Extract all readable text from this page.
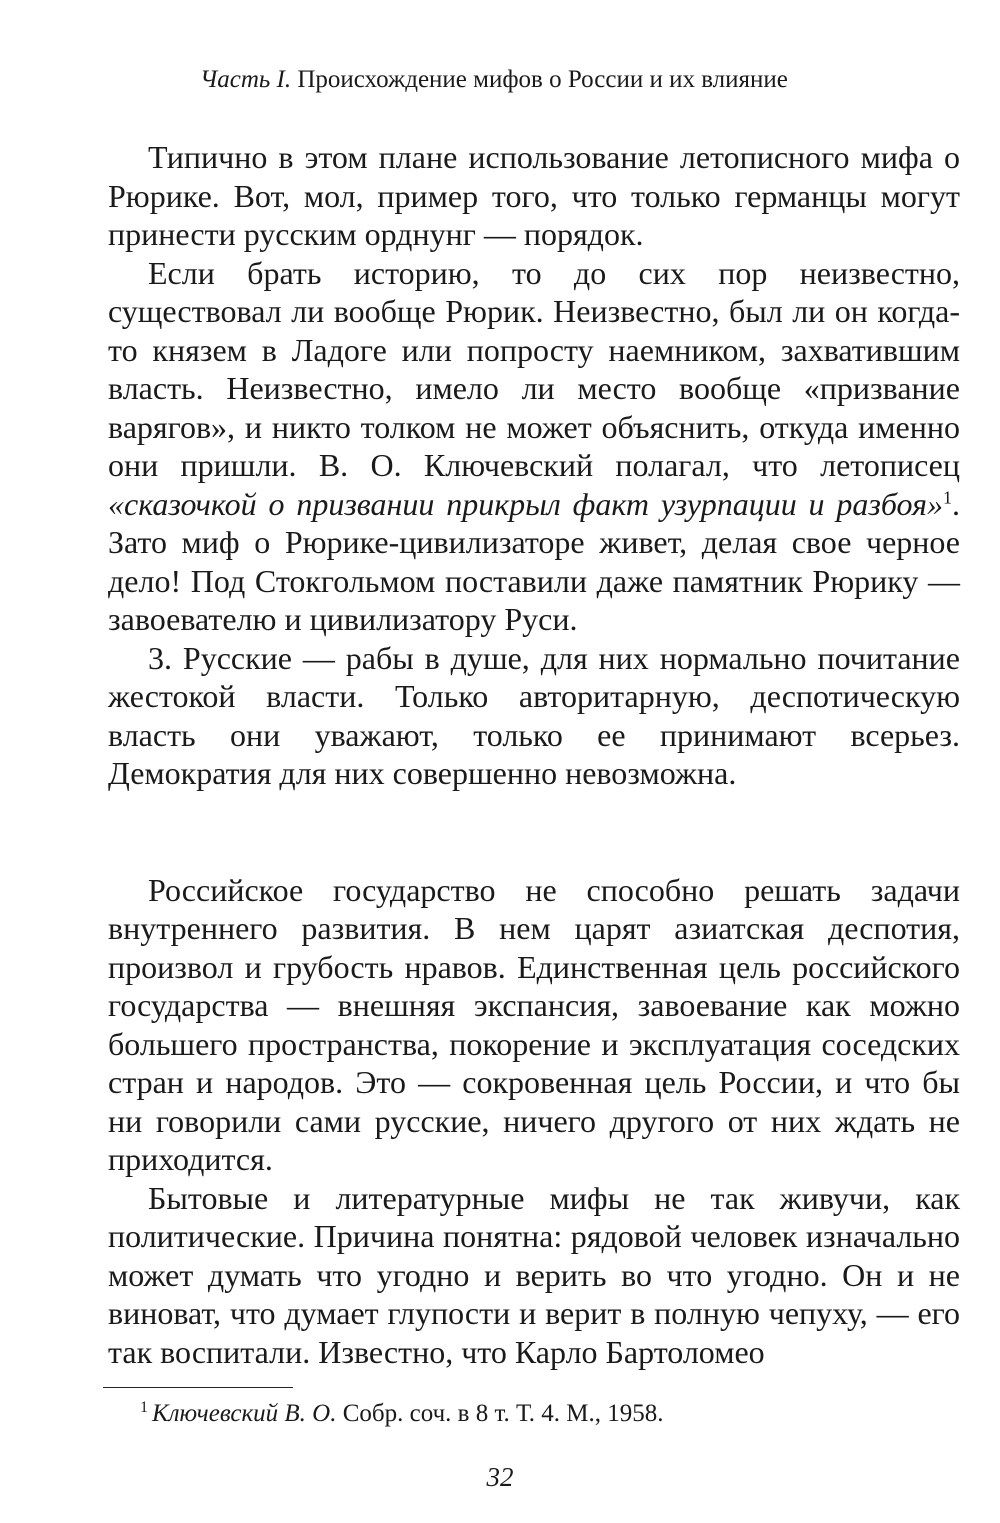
Часть I. Происхождение мифов о России и их влияние

Типично в этом плане использование летописного мифа о Рюрике. Вот, мол, пример того, что только германцы могут принести русским орднунг — порядок.

Если брать историю, то до сих пор неизвестно, существовал ли вообще Рюрик. Неизвестно, был ли он когда-то князем в Ладоге или попросту наемником, захватившим власть. Неизвестно, имело ли место вообще «призвание варягов», и никто толком не может объяснить, откуда именно они пришли. В. О. Ключевский полагал, что летописец «сказочкой о призвании прикрыл факт узурпации и разбоя»$^1$. Зато миф о Рюрике-цивилизаторе живет, делая свое черное дело! Под Стокгольмом поставили даже памятник Рюрику — завоевателю и цивилизатору Руси.

3. Русские — рабы в душе, для них нормально почитание жестокой власти. Только авторитарную, деспотическую власть они уважают, только ее принимают всерьез. Демократия для них совершенно невозможна.

Российское государство не способно решать задачи внутреннего развития. В нем царят азиатская деспотия, произвол и грубость нравов. Единственная цель российского государства — внешняя экспансия, завоевание как можно большего пространства, покорение и эксплуатация соседских стран и народов. Это — сокровенная цель России, и что бы ни говорили сами русские, ничего другого от них ждать не приходится.

Бытовые и литературные мифы не так живучи, как политические. Причина понятна: рядовой человек изначально может думать что угодно и верить во что угодно. Он и не виноват, что думает глупости и верит в полную чепуху, — его так воспитали. Известно, что Карло Бартоломео

$^1$ Ключевский В. О. Собр. соч. в 8 т. Т. 4. М., 1958.
32
